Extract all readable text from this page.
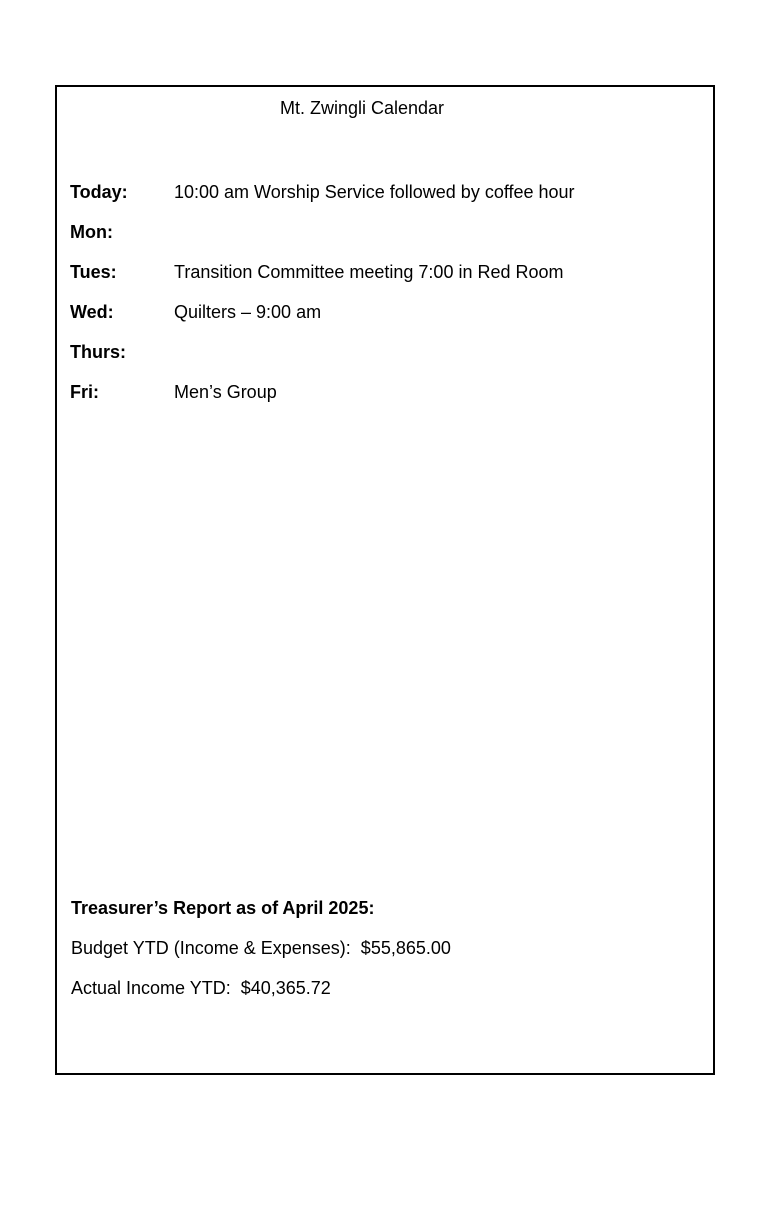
Mt. Zwingli Calendar
Today:	10:00 am Worship Service followed by coffee hour
Mon:
Tues:	Transition Committee meeting 7:00 in Red Room
Wed:	Quilters – 9:00 am
Thurs:
Fri:	Men’s Group
Treasurer’s Report as of April 2025:
Budget YTD (Income & Expenses):  $55,865.00
Actual Income YTD:  $40,365.72
